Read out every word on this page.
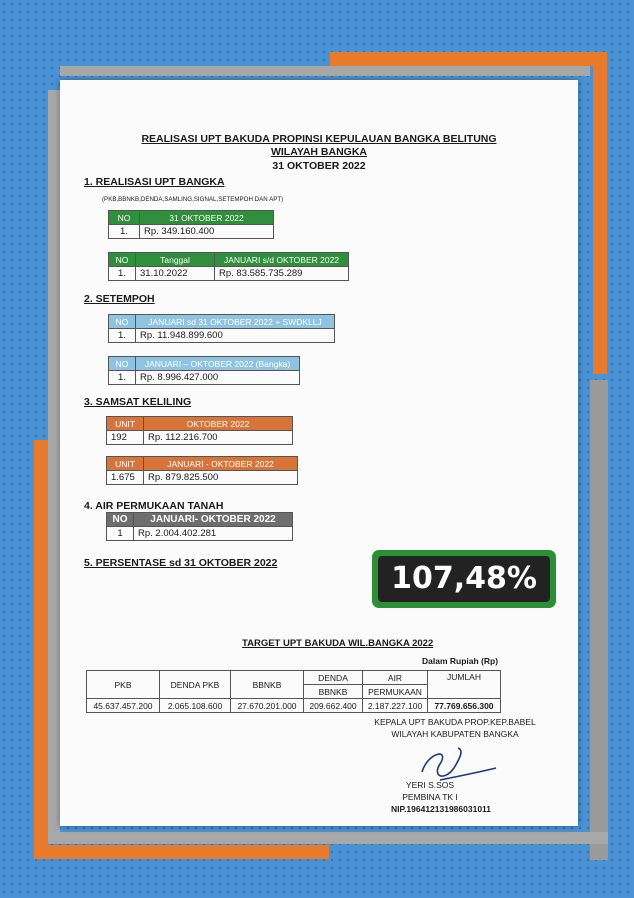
REALISASI UPT BAKUDA PROPINSI KEPULAUAN BANGKA BELITUNG
WILAYAH BANGKA
31 OKTOBER 2022
1. REALISASI UPT BANGKA
(PKB,BBNKB,DENDA,SAMLING,SIGNAL,SETEMPOH DAN APT)
NO	31 OKTOBER 2022
1.	Rp. 349.160.400
NO	Tanggal	JANUARI s/d OKTOBER 2022
1.	31.10.2022	Rp. 83.585.735.289
2. SETEMPOH
NO	JANUARI sd 31 OKTOBER 2022 + SWDKLLJ
1.	Rp. 11.948.899.600
NO	JANUARI – OKTOBER 2022 (Bangka)
1.	Rp. 8.996.427.000
3. SAMSAT KELILING
UNIT	OKTOBER 2022
192	Rp. 112.216.700
UNIT	JANUARI - OKTOBER 2022
1.675	Rp. 879.825.500
4. AIR PERMUKAAN TANAH
NO	JANUARI- OKTOBER 2022
1	Rp. 2.004.402.281
5. PERSENTASE sd 31 OKTOBER 2022	107,48%
TARGET UPT BAKUDA WIL.BANGKA 2022
Dalam Rupiah (Rp)
PKB	DENDA PKB	BBNKB	DENDA	AIR	JUMLAH
			BBNKB	PERMUKAAN	
45.637.457.200	2.065.108.600	27.670.201.000	209.662.400	2.187.227.100	77.769.656.300
KEPALA UPT BAKUDA PROP.KEP.BABEL
WILAYAH KABUPATEN BANGKA
YERI S.SOS
PEMBINA TK I
NIP.196412131986031011
